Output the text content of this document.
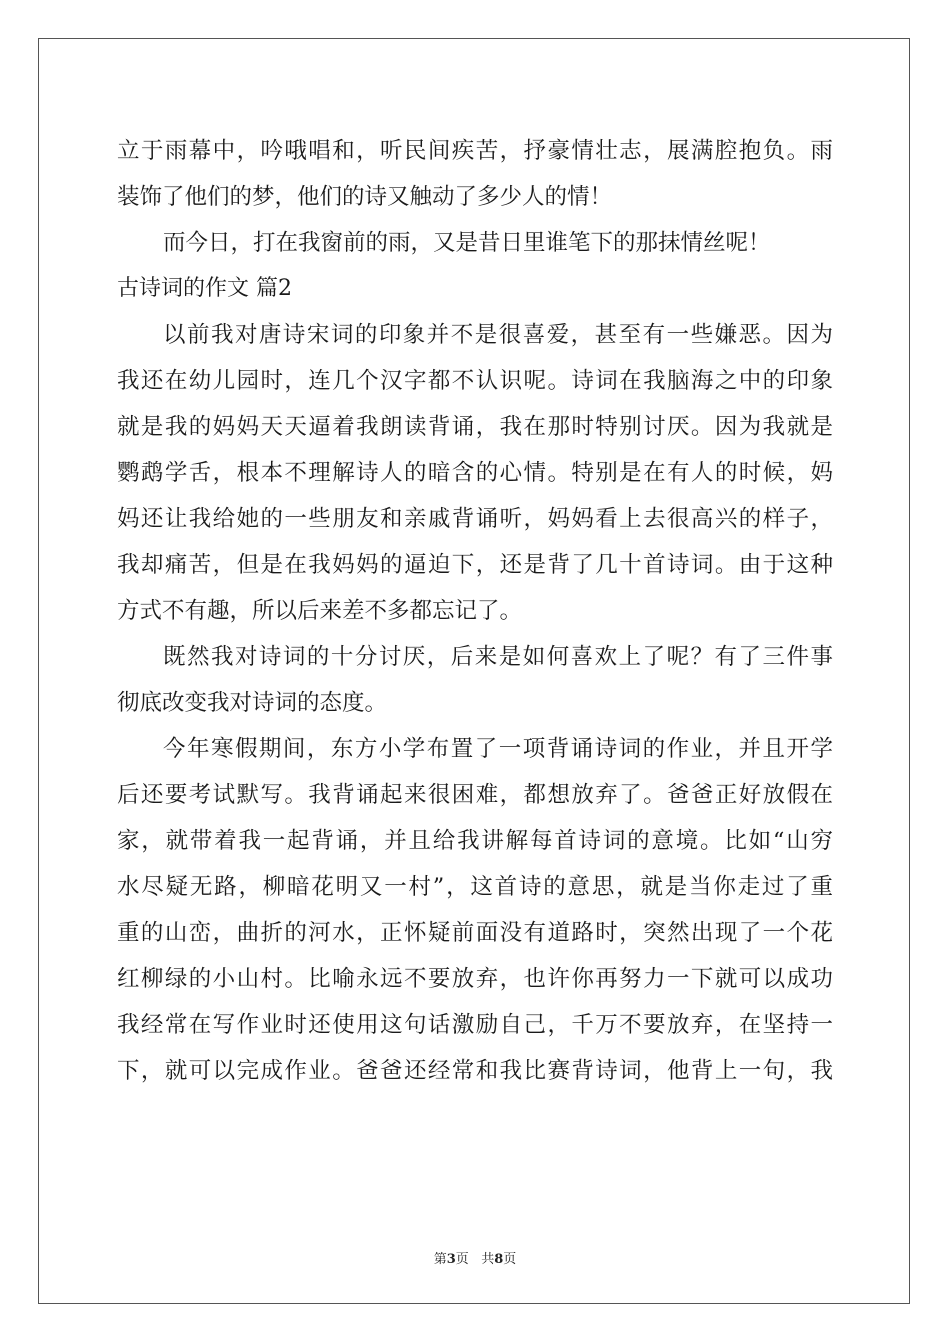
立于雨幕中，吟哦唱和，听民间疾苦，抒豪情壮志，展满腔抱负。雨
装饰了他们的梦，他们的诗又触动了多少人的情！
而今日，打在我窗前的雨，又是昔日里谁笔下的那抹情丝呢！
古诗词的作文 篇2
以前我对唐诗宋词的印象并不是很喜爱，甚至有一些嫌恶。因为
我还在幼儿园时，连几个汉字都不认识呢。诗词在我脑海之中的印象
就是我的妈妈天天逼着我朗读背诵，我在那时特别讨厌。因为我就是
鹦鹉学舌，根本不理解诗人的暗含的心情。特别是在有人的时候，妈
妈还让我给她的一些朋友和亲戚背诵听，妈妈看上去很高兴的样子，
我却痛苦，但是在我妈妈的逼迫下，还是背了几十首诗词。由于这种
方式不有趣，所以后来差不多都忘记了。
既然我对诗词的十分讨厌，后来是如何喜欢上了呢？有了三件事
彻底改变我对诗词的态度。
今年寒假期间，东方小学布置了一项背诵诗词的作业，并且开学
后还要考试默写。我背诵起来很困难，都想放弃了。爸爸正好放假在
家，就带着我一起背诵，并且给我讲解每首诗词的意境。比如“山穷
水尽疑无路，柳暗花明又一村”，这首诗的意思，就是当你走过了重
重的山峦，曲折的河水，正怀疑前面没有道路时，突然出现了一个花
红柳绿的小山村。比喻永远不要放弃，也许你再努力一下就可以成功
我经常在写作业时还使用这句话激励自己，千万不要放弃，在坚持一
下，就可以完成作业。爸爸还经常和我比赛背诗词，他背上一句，我
第3页 共8页
